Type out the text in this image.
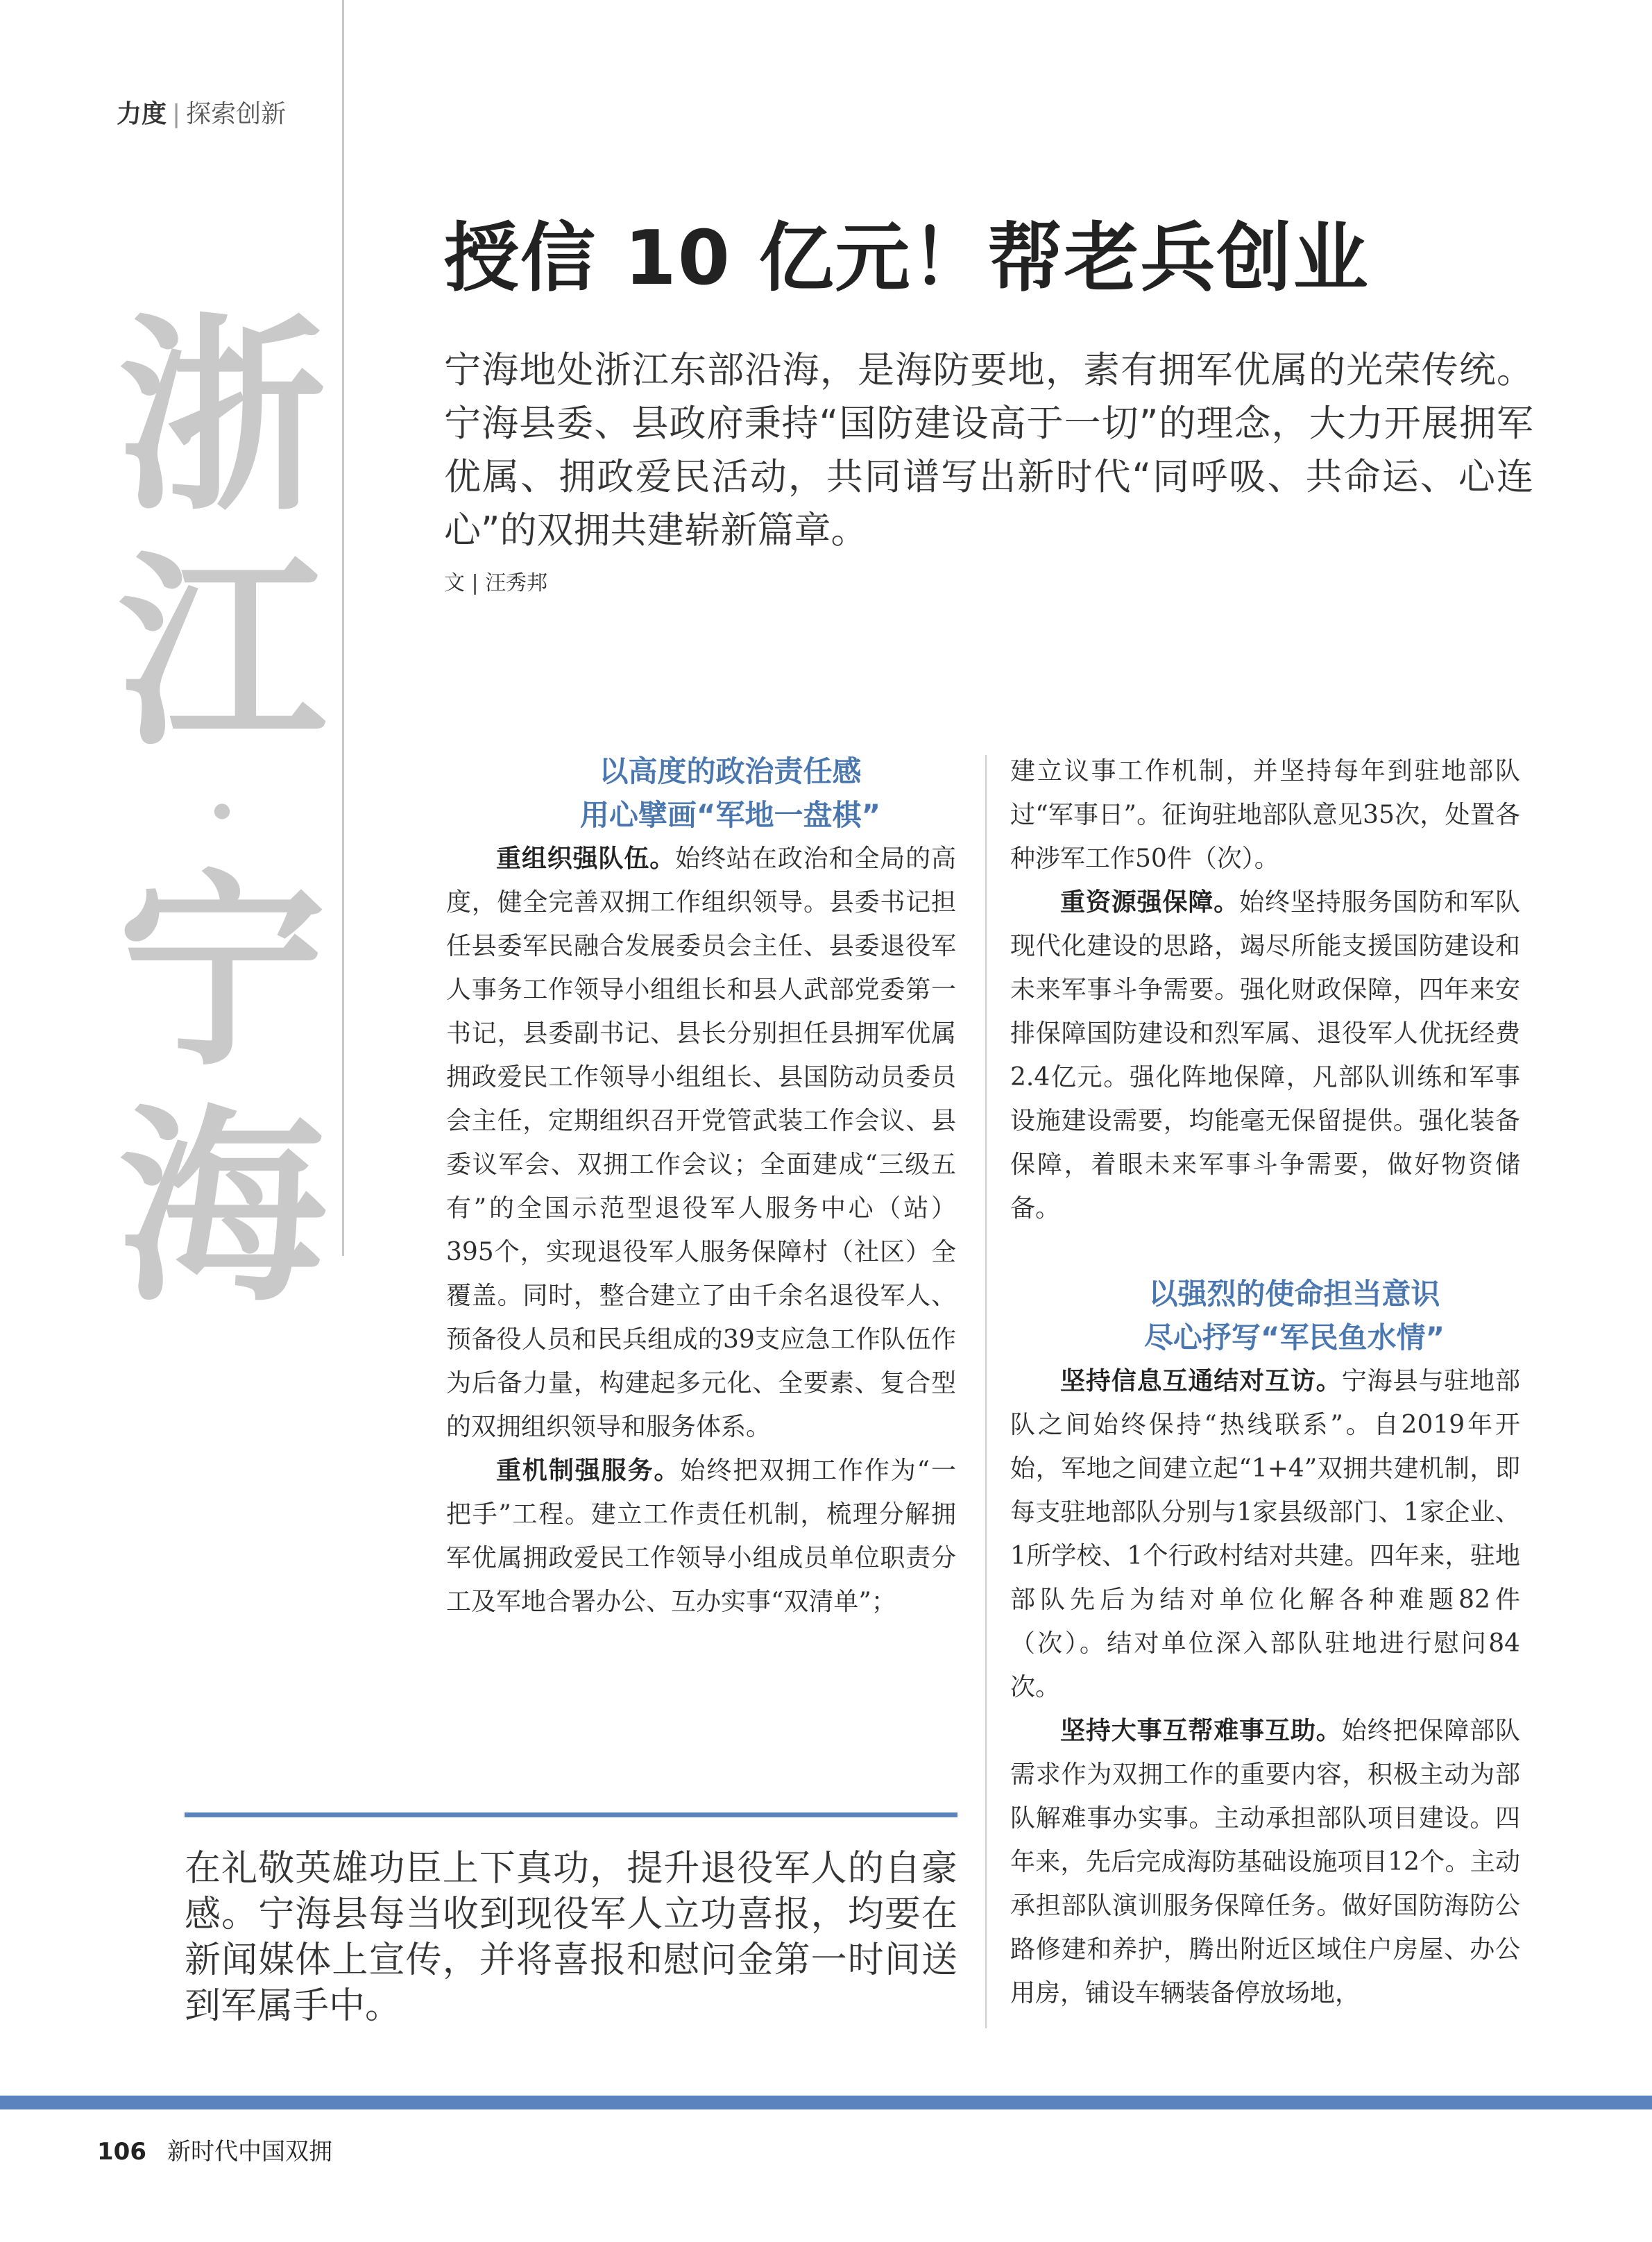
力度 | 探索创新
浙
江
·
宁
海
授信 10 亿元！帮老兵创业
宁海地处浙江东部沿海，是海防要地，素有拥军优属的光荣传统。宁海县委、县政府秉持“国防建设高于一切”的理念，大力开展拥军优属、拥政爱民活动，共同谱写出新时代“同呼吸、共命运、心连心”的双拥共建崭新篇章。
文 | 汪秀邦

以高度的政治责任感

用心擘画“军地一盘棋”

重组织强队伍。始终站在政治和全局的高度，健全完善双拥工作组织领导。县委书记担任县委军民融合发展委员会主任、县委退役军人事务工作领导小组组长和县人武部党委第一书记，县委副书记、县长分别担任县拥军优属拥政爱民工作领导小组组长、县国防动员委员会主任，定期组织召开党管武装工作会议、县委议军会、双拥工作会议；全面建成“三级五有”的全国示范型退役军人服务中心（站）395个，实现退役军人服务保障村（社区）全覆盖。同时，整合建立了由千余名退役军人、预备役人员和民兵组成的39支应急工作队伍作为后备力量，构建起多元化、全要素、复合型的双拥组织领导和服务体系。

重机制强服务。始终把双拥工作作为“一把手”工程。建立工作责任机制，梳理分解拥军优属拥政爱民工作领导小组成员单位职责分工及军地合署办公、互办实事“双清单”；

建立议事工作机制，并坚持每年到驻地部队过“军事日”。征询驻地部队意见35次，处置各种涉军工作50件（次）。

重资源强保障。始终坚持服务国防和军队现代化建设的思路，竭尽所能支援国防建设和未来军事斗争需要。强化财政保障，四年来安排保障国防建设和烈军属、退役军人优抚经费2.4亿元。强化阵地保障，凡部队训练和军事设施建设需要，均能毫无保留提供。强化装备保障，着眼未来军事斗争需要，做好物资储备。

以强烈的使命担当意识

尽心抒写“军民鱼水情”

坚持信息互通结对互访。宁海县与驻地部队之间始终保持“热线联系”。自2019年开始，军地之间建立起“1+4”双拥共建机制，即每支驻地部队分别与1家县级部门、1家企业、1所学校、1个行政村结对共建。四年来，驻地部队先后为结对单位化解各种难题82件（次）。结对单位深入部队驻地进行慰问84次。

坚持大事互帮难事互助。始终把保障部队需求作为双拥工作的重要内容，积极主动为部队解难事办实事。主动承担部队项目建设。四年来，先后完成海防基础设施项目12个。主动承担部队演训服务保障任务。做好国防海防公路修建和养护，腾出附近区域住户房屋、办公用房，铺设车辆装备停放场地，

在礼敬英雄功臣上下真功，提升退役军人的自豪感。宁海县每当收到现役军人立功喜报，均要在新闻媒体上宣传，并将喜报和慰问金第一时间送到军属手中。
106 新时代中国双拥
